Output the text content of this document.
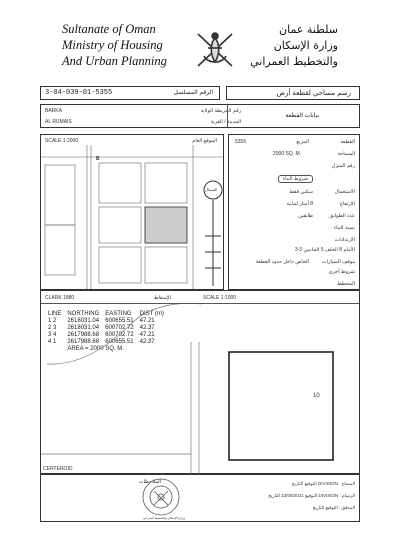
Sultanate of Oman
Ministry of Housing
And Urban Planning
سلطنة عمان
وزارة الإسكان
والتخطيط العمراني
3-04-039-01-5355	الرقم المسلسل	رسم مساحي لقطعة أرض
BARKA
AL RUMAIS
رقم الخريطة الولاية
المدينة / القرية
بيانات القطعة
SCALE 1:2000	الموقع العام
B
5355	المربع	القطعة
2000 SQ. M.	المساحة
رقم المنزل
شروط البناء
الاستعمال
سكني فقط
الارتفاع
8 أمتار لمابية
عدد الطوابق
طابقين
نسبة البناء
الارتدادات
الأمام 8 الخلف 5 الجانبين 3-3
موقف السيارات
الخاص داخل حدود القطعة
شروط أخرى
المخطط
الشمال
CLARK 1880	الإسقاط	SCALE 1:1000
LINE	NORTHING	EASTING	DIST (m)
1 2	2618031.04	600655.51	47.21
2 3	2618031.04	600702.72	42.37
3 4	2617988.68	600702.72	47.21
4 1	2617988.68	600655.51	42.37
	AREA = 2000 SQ. M.		
10
CENTEROID
الملاحظات
وزارة الإسكان والتخطيط العمراني
المساح : DIVISION التوقيع التاريخ
الرسام : DIVISION التوقيع 23/06/2021 التاريخ
المدقق : التوقيع التاريخ
